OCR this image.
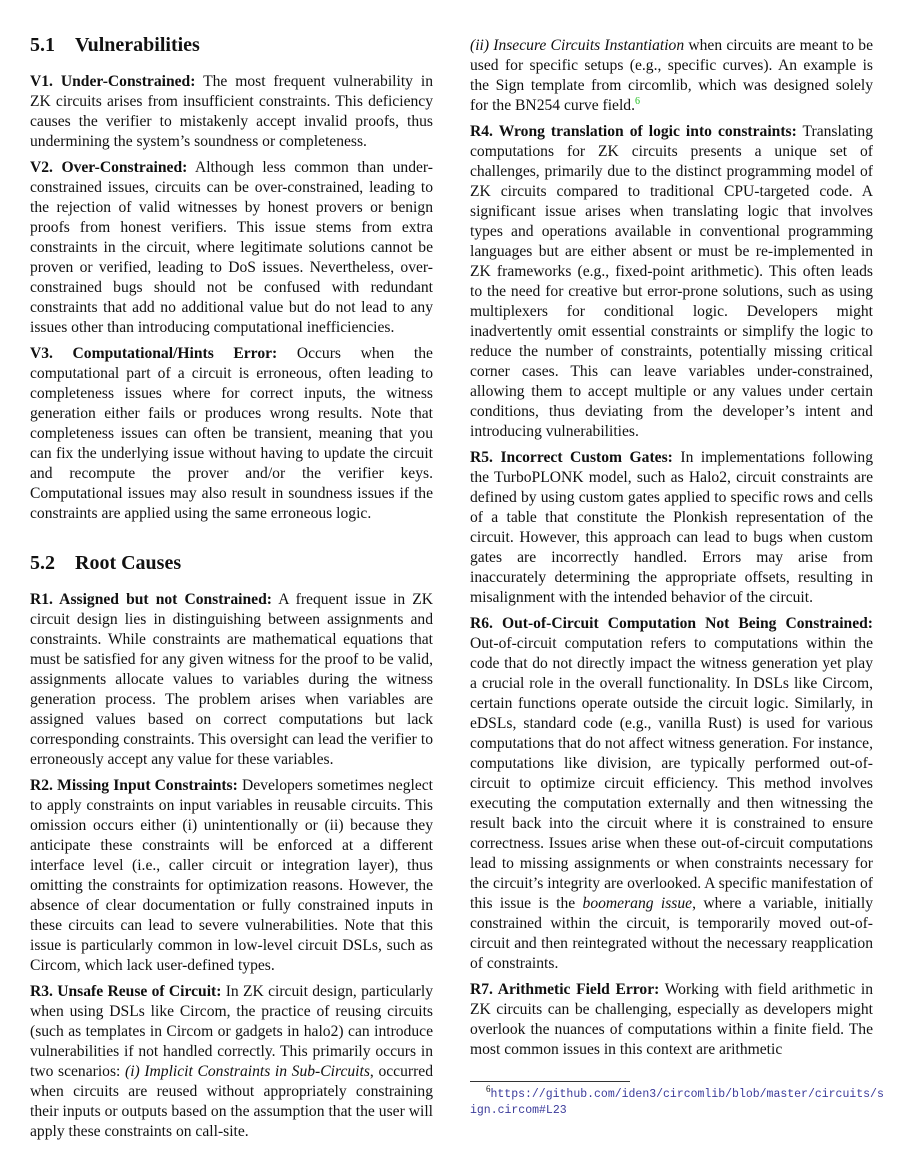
5.1 Vulnerabilities

V1. Under-Constrained: The most frequent vulnerability in ZK circuits arises from insufficient constraints. This deficiency causes the verifier to mistakenly accept invalid proofs, thus undermining the system’s soundness or completeness.

V2. Over-Constrained: Although less common than under-constrained issues, circuits can be over-constrained, leading to the rejection of valid witnesses by honest provers or benign proofs from honest verifiers. This issue stems from extra constraints in the circuit, where legitimate solutions cannot be proven or verified, leading to DoS issues. Nevertheless, over-constrained bugs should not be confused with redundant constraints that add no additional value but do not lead to any issues other than introducing computational inefficiencies.

V3. Computational/Hints Error: Occurs when the computational part of a circuit is erroneous, often leading to completeness issues where for correct inputs, the witness generation either fails or produces wrong results. Note that completeness issues can often be transient, meaning that you can fix the underlying issue without having to update the circuit and recompute the prover and/or the verifier keys. Computational issues may also result in soundness issues if the constraints are applied using the same erroneous logic.

5.2 Root Causes

R1. Assigned but not Constrained: A frequent issue in ZK circuit design lies in distinguishing between assignments and constraints. While constraints are mathematical equations that must be satisfied for any given witness for the proof to be valid, assignments allocate values to variables during the witness generation process. The problem arises when variables are assigned values based on correct computations but lack corresponding constraints. This oversight can lead the verifier to erroneously accept any value for these variables.

R2. Missing Input Constraints: Developers sometimes neglect to apply constraints on input variables in reusable circuits. This omission occurs either (i) unintentionally or (ii) because they anticipate these constraints will be enforced at a different interface level (i.e., caller circuit or integration layer), thus omitting the constraints for optimization reasons. However, the absence of clear documentation or fully constrained inputs in these circuits can lead to severe vulnerabilities. Note that this issue is particularly common in low-level circuit DSLs, such as Circom, which lack user-defined types.

R3. Unsafe Reuse of Circuit: In ZK circuit design, particularly when using DSLs like Circom, the practice of reusing circuits (such as templates in Circom or gadgets in halo2) can introduce vulnerabilities if not handled correctly. This primarily occurs in two scenarios: (i) Implicit Constraints in Sub-Circuits, occurred when circuits are reused without appropriately constraining their inputs or outputs based on the assumption that the user will apply these constraints on call-site.

(ii) Insecure Circuits Instantiation when circuits are meant to be used for specific setups (e.g., specific curves). An example is the Sign template from circomlib, which was designed solely for the BN254 curve field.$^6$

R4. Wrong translation of logic into constraints: Translating computations for ZK circuits presents a unique set of challenges, primarily due to the distinct programming model of ZK circuits compared to traditional CPU-targeted code. A significant issue arises when translating logic that involves types and operations available in conventional programming languages but are either absent or must be re-implemented in ZK frameworks (e.g., fixed-point arithmetic). This often leads to the need for creative but error-prone solutions, such as using multiplexers for conditional logic. Developers might inadvertently omit essential constraints or simplify the logic to reduce the number of constraints, potentially missing critical corner cases. This can leave variables under-constrained, allowing them to accept multiple or any values under certain conditions, thus deviating from the developer’s intent and introducing vulnerabilities.

R5. Incorrect Custom Gates: In implementations following the TurboPLONK model, such as Halo2, circuit constraints are defined by using custom gates applied to specific rows and cells of a table that constitute the Plonkish representation of the circuit. However, this approach can lead to bugs when custom gates are incorrectly handled. Errors may arise from inaccurately determining the appropriate offsets, resulting in misalignment with the intended behavior of the circuit.

R6. Out-of-Circuit Computation Not Being Constrained: Out-of-circuit computation refers to computations within the code that do not directly impact the witness generation yet play a crucial role in the overall functionality. In DSLs like Circom, certain functions operate outside the circuit logic. Similarly, in eDSLs, standard code (e.g., vanilla Rust) is used for various computations that do not affect witness generation. For instance, computations like division, are typically performed out-of-circuit to optimize circuit efficiency. This method involves executing the computation externally and then witnessing the result back into the circuit where it is constrained to ensure correctness. Issues arise when these out-of-circuit computations lead to missing assignments or when constraints necessary for the circuit’s integrity are overlooked. A specific manifestation of this issue is the boomerang issue, where a variable, initially constrained within the circuit, is temporarily moved out-of-circuit and then reintegrated without the necessary reapplication of constraints.

R7. Arithmetic Field Error: Working with field arithmetic in ZK circuits can be challenging, especially as developers might overlook the nuances of computations within a finite field. The most common issues in this context are arithmetic

$^6$https://github.com/iden3/circomlib/blob/master/circuits/sign.circom#L23
